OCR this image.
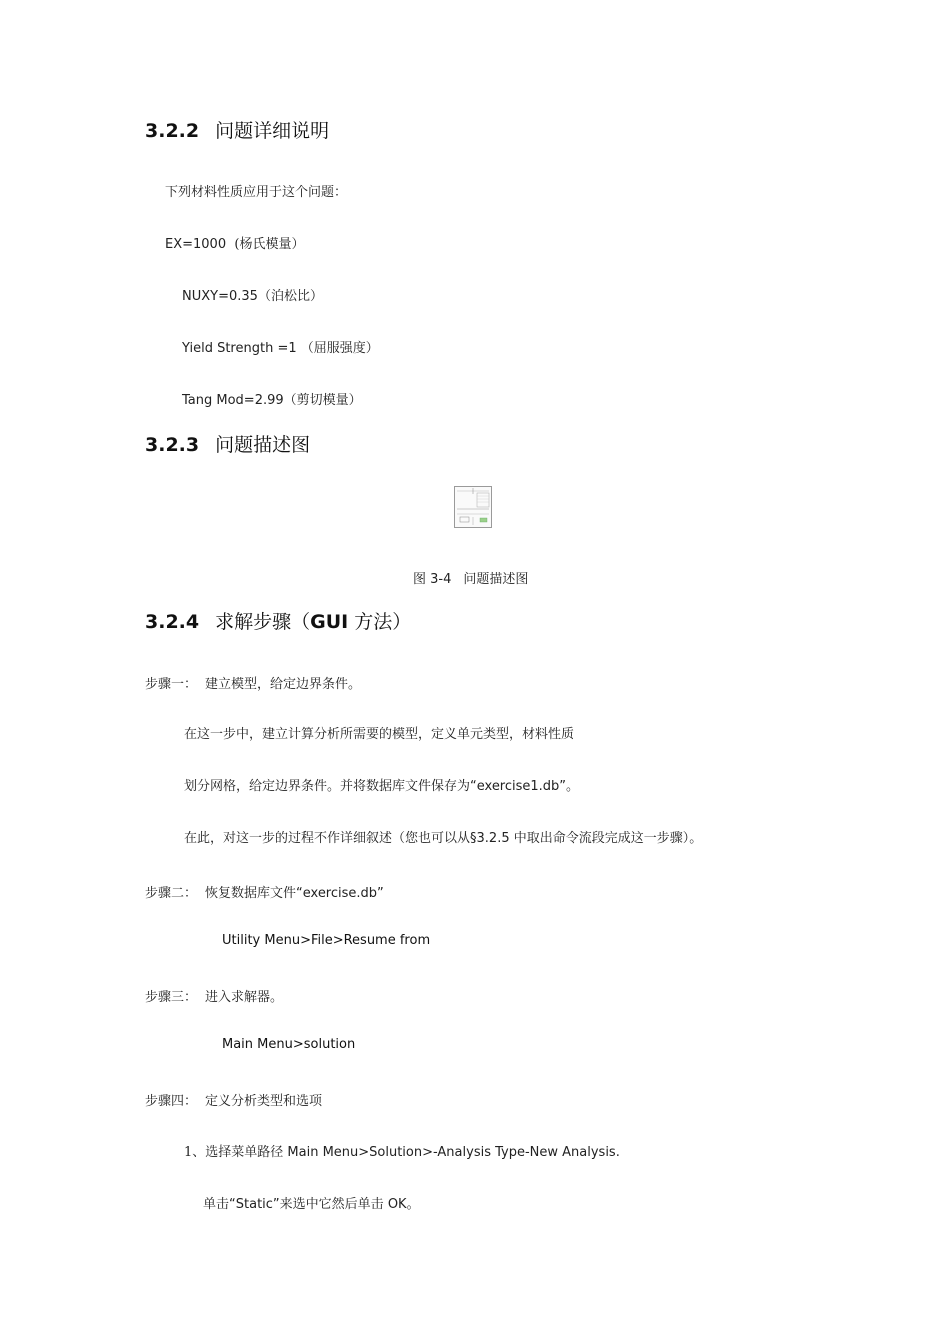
3.2.2 问题详细说明
下列材料性质应用于这个问题：
EX=1000  (杨氏模量）
NUXY=0.35（泊松比）
Yield Strength =1 （屈服强度）
Tang Mod=2.99（剪切模量）
3.2.3 问题描述图
图 3-4 问题描述图
3.2.4 求解步骤（GUI 方法）
步骤一： 建立模型，给定边界条件。
在这一步中，建立计算分析所需要的模型，定义单元类型，材料性质
划分网格，给定边界条件。并将数据库文件保存为“exercise1.db”。
在此，对这一步的过程不作详细叙述（您也可以从§3.2.5 中取出命令流段完成这一步骤）。
步骤二： 恢复数据库文件“exercise.db”
Utility Menu>File>Resume from
步骤三： 进入求解器。
Main Menu>solution
步骤四： 定义分析类型和选项
1、选择菜单路径 Main Menu>Solution>-Analysis Type-New Analysis.
单击“Static”来选中它然后单击 OK。
